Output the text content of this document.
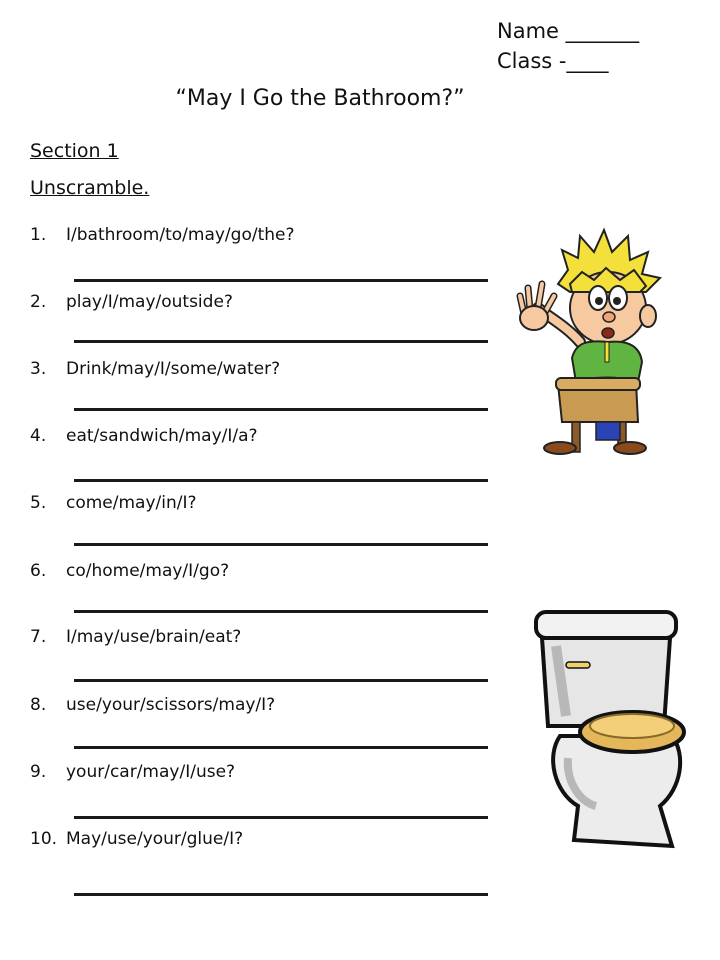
Name _______
Class -____
“May I Go the Bathroom?”
Section 1
Unscramble.
1. I/bathroom/to/may/go/the?
2. play/I/may/outside?
3. Drink/may/I/some/water?
4. eat/sandwich/may/I/a?
5. come/may/in/I?
6. co/home/may/I/go?
7. I/may/use/brain/eat?
8. use/your/scissors/may/I?
9. your/car/may/I/use?
10. May/use/your/glue/I?
